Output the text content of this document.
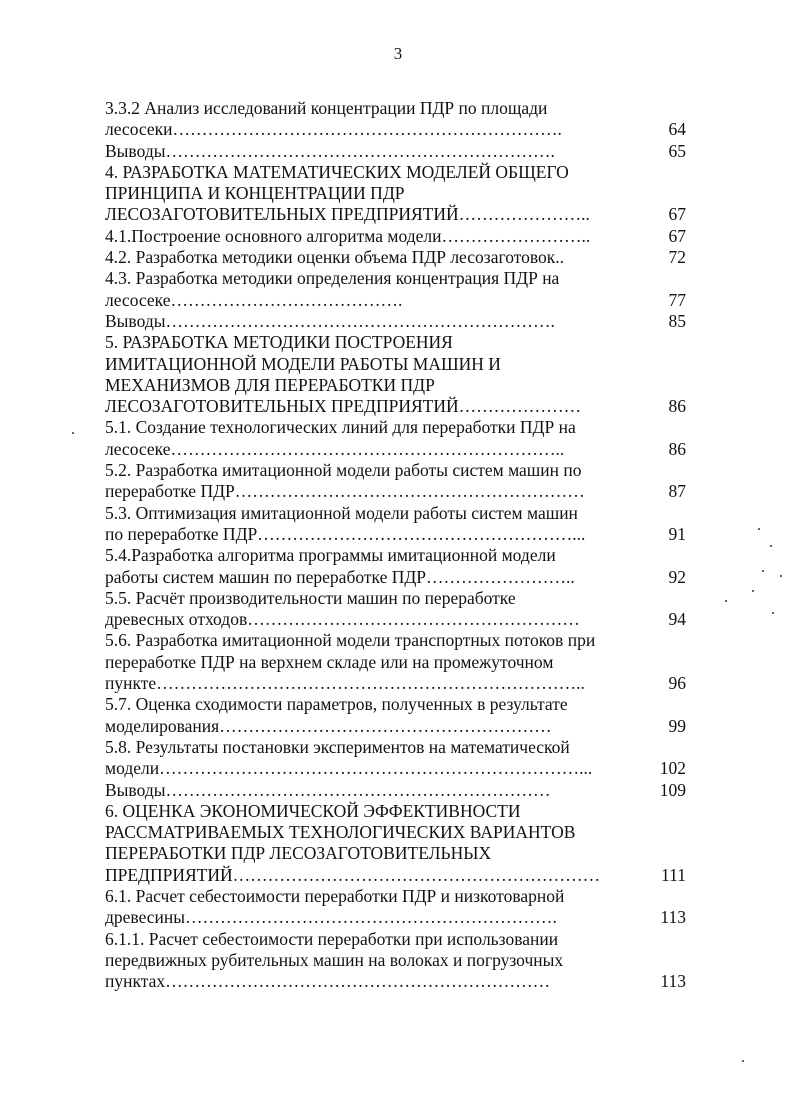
3
3.3.2 Анализ исследований концентрации ПДР по площади
лесосеки………………………………………………………….	64
Выводы………………………………………………………….	65
4. РАЗРАБОТКА МАТЕМАТИЧЕСКИХ МОДЕЛЕЙ ОБЩЕГО
ПРИНЦИПА И КОНЦЕНТРАЦИИ ПДР
ЛЕСОЗАГОТОВИТЕЛЬНЫХ ПРЕДПРИЯТИЙ…………………..	67
4.1.Построение основного алгоритма модели……………………..	67
4.2. Разработка методики оценки объема ПДР лесозаготовок..	72
4.3. Разработка методики определения концентрация ПДР на
лесосеке………………………………….	77
Выводы………………………………………………………….	85
5. РАЗРАБОТКА МЕТОДИКИ ПОСТРОЕНИЯ
ИМИТАЦИОННОЙ МОДЕЛИ РАБОТЫ МАШИН И
МЕХАНИЗМОВ ДЛЯ ПЕРЕРАБОТКИ ПДР
ЛЕСОЗАГОТОВИТЕЛЬНЫХ ПРЕДПРИЯТИЙ…………………	86
5.1. Создание технологических линий для переработки ПДР на
лесосеке…………………………………………………………..	86
5.2. Разработка имитационной модели работы систем машин по
переработке ПДР……………………………………………………	87
5.3. Оптимизация имитационной модели работы систем машин
по переработке ПДР………………………………………………...	91
5.4.Разработка алгоритма программы имитационной модели
работы систем машин по переработке ПДР……………………..	92
5.5. Расчёт производительности машин по переработке
древесных отходов…………………………………………………	94
5.6. Разработка имитационной модели транспортных потоков при
переработке ПДР на верхнем складе или на промежуточном
пункте………………………………………………………………..	96
5.7. Оценка сходимости параметров, полученных в результате
моделирования…………………………………………………	99
5.8. Результаты постановки экспериментов на математической
модели………………………………………………………………...	102
Выводы…………………………………………………………	109
6. ОЦЕНКА ЭКОНОМИЧЕСКОЙ ЭФФЕКТИВНОСТИ
РАССМАТРИВАЕМЫХ ТЕХНОЛОГИЧЕСКИХ ВАРИАНТОВ
ПЕРЕРАБОТКИ ПДР ЛЕСОЗАГОТОВИТЕЛЬНЫХ
ПРЕДПРИЯТИЙ………………………………………………………	111
6.1. Расчет себестоимости переработки ПДР и низкотоварной
древесины……………………………………………………….	113
6.1.1. Расчет себестоимости переработки при использовании
передвижных рубительных машин на волоках и погрузочных
пунктах…………………………………………………………	113
